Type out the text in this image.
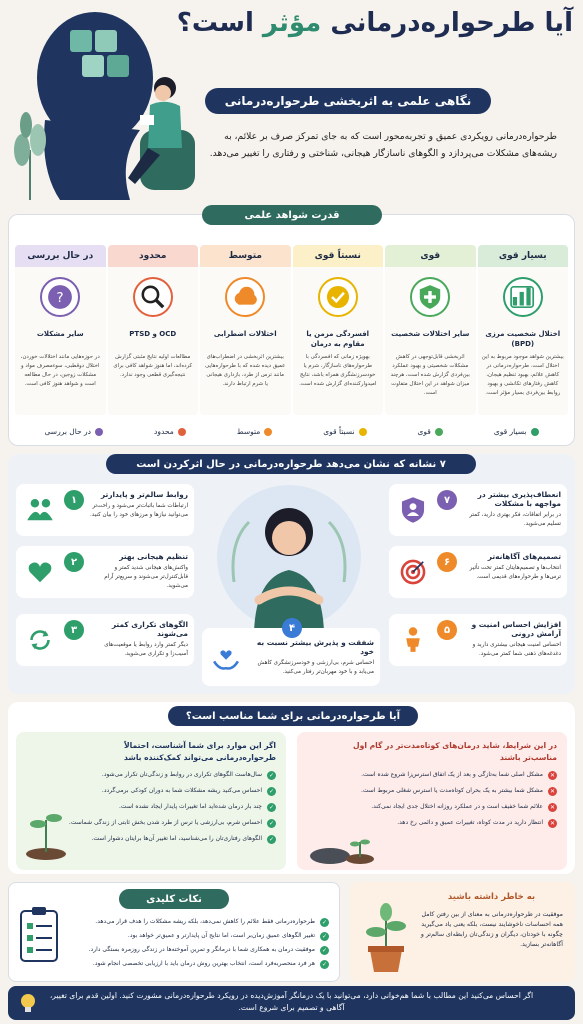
آیا طرحواره‌درمانی مؤثر است؟
نگاهی علمی به اثربخشی طرحواره‌درمانی
طرحواره‌درمانی رویکردی عمیق و تجربه‌محور است که به جای تمرکز صرف بر علائم، به ریشه‌های مشکلات می‌پردازد و الگوهای ناسازگار هیجانی، شناختی و رفتاری را تغییر می‌دهد.
قدرت شواهد علمی
بسیار قوی
اختلال شخصیت مرزی (BPD)
بیشترین شواهد موجود مربوط به این اختلال است. طرحواره‌درمانی در کاهش علائم، بهبود تنظیم هیجان، کاهش رفتارهای تکانشی و بهبود روابط بین‌فردی بسیار مؤثر است.
قوی
سایر اختلالات شخصیت
اثربخشی قابل‌توجهی در کاهش مشکلات شخصیتی و بهبود عملکرد بین‌فردی گزارش شده است، هرچند میزان شواهد در این اختلال متفاوت است.
نسبتاً قوی
افسردگی مزمن یا مقاوم به درمان
بهویژه زمانی که افسردگی با طرحواره‌های ناسازگار، شرم یا خودسرزنشگری همراه باشد، نتایج امیدوارکننده‌ای گزارش شده است.
متوسط
اختلالات اضطرابی
بیشترین اثربخشی در اضطراب‌های عمیق دیده شده که با طرحواره‌هایی مانند ترس از طرد، بازداری هیجانی یا شرم ارتباط دارند.
محدود
OCD و PTSD
مطالعات اولیه نتایج مثبتی گزارش کرده‌اند، اما هنوز شواهد کافی برای نتیجه‌گیری قطعی وجود ندارد.
در حال بررسی
?
سایر مشکلات
در حوزه‌هایی مانند اختلالات خوردن، اختلال دوقطبی، سوءمصرف مواد و مشکلات زوجین، در حال مطالعه است و شواهد هنوز کافی است.
بسیار قوی
قوی
نسبتاً قوی
متوسط
محدود
در حال بررسی
۷ نشانه که نشان می‌دهد طرحواره‌درمانی در حال اثرکردن است
۱	روابط سالم‌تر و پایدارتر
ارتباطات شما باثبات‌تر می‌شود و راحت‌تر می‌توانید نیازها و مرزهای خود را بیان کنید.
۲	تنظیم هیجانی بهتر
واکنش‌های هیجانی شدید کمتر و قابل‌کنترل‌تر می‌شوند و سریع‌تر آرام می‌شوید.
۳	الگوهای تکراری کمتر می‌شوند
دیگر کمتر وارد روابط یا موقعیت‌های آسیب‌زا و تکراری می‌شوید.
۴
شفقت و پذیرش بیشتر نسبت به خود
احساس شرم، بی‌ارزشی و خودسرزنشگری کاهش می‌یابد و با خود مهربان‌تر رفتار می‌کنید.
۵	افزایش احساس امنیت و آرامش درونی
احساس امنیت هیجانی بیشتری دارید و دغدغه‌های ذهنی شما کمتر می‌شود.
۶	تصمیم‌های آگاهانه‌تر
انتخاب‌ها و تصمیم‌هایتان کمتر تحت تأثیر ترس‌ها و طرحواره‌های قدیمی است.
۷	انعطاف‌پذیری بیشتر در مواجهه با مشکلات
در برابر اتفاقات، فکر بهتری دارید، کمتر تسلیم می‌شوید.
آیا طرحواره‌درمانی برای شما مناسب است؟
اگر این موارد برای شما آشناست، احتمالاً طرحواره‌درمانی می‌تواند کمک‌کننده باشد
✓
سال‌هاست الگوهای تکراری در روابط و زندگی‌تان تکرار می‌شود.
✓
احساس می‌کنید ریشه مشکلات شما به دوران کودکی برمی‌گردد.
✓
چند بار درمان شده‌اید اما تغییرات پایدار ایجاد نشده است.
✓
احساس شرم، بی‌ارزشی یا ترس از طرد شدن بخش ثابتی از زندگی شماست.
✓
الگوهای رفتاری‌تان را می‌شناسید، اما تغییر آن‌ها برایتان دشوار است.
در این شرایط، شاید درمان‌های کوتاه‌مدت‌تر در گام اول مناسب‌تر باشند
✕
مشکل اصلی شما به‌تازگی و بعد از یک اتفاق استرس‌زا شروع شده است.
✕
مشکل شما بیشتر به یک بحران کوتاه‌مدت یا استرس شغلی مربوط است.
✕
علائم شما خفیف است و در عملکرد روزانه اختلال جدی ایجاد نمی‌کند.
✕
انتظار دارید در مدت کوتاه، تغییرات عمیق و دائمی رخ دهد.
نکات کلیدی
✓
طرحواره‌درمانی فقط علائم را کاهش نمی‌دهد، بلکه ریشه مشکلات را هدف قرار می‌دهد.
✓
تغییر الگوهای عمیق زمان‌بر است، اما نتایج آن پایدارتر و عمیق‌تر خواهد بود.
✓
موفقیت درمان به همکاری شما با درمانگر و تمرین آموخته‌ها در زندگی روزمره بستگی دارد.
✓
هر فرد منحصربه‌فرد است، انتخاب بهترین روش درمان باید با ارزیابی تخصصی انجام شود.
به خاطر داشته باشید
موفقیت در طرحواره‌درمانی به معنای از بین رفتن کامل همه احساسات ناخوشایند نیست، بلکه یعنی یاد می‌گیرید چگونه با خودتان، دیگران و زندگی‌تان رابطه‌ای سالم‌تر و آگاهانه‌تر بسازید.
اگر احساس می‌کنید این مطالب با شما هم‌خوانی دارد، می‌توانید با یک درمانگر آموزش‌دیده در رویکرد طرحواره‌درمانی مشورت کنید. اولین قدم برای تغییر، آگاهی و تصمیم برای شروع است.
